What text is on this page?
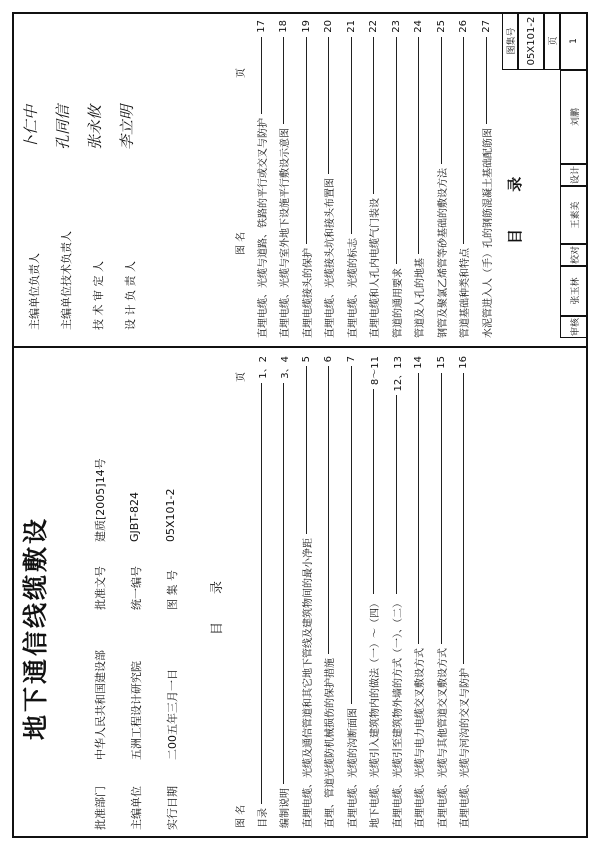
地下通信线缆敷设
批准部门
中华人民共和国建设部
批准文号
建质[2005]14号
主编单位
五洲工程设计研究院
统一编号
GJBT-824
实行日期
二00五年三月一日
图 集 号
05X101-2
目录
图 名
页
目录
1、2
编制说明
3、4
直埋电缆、光缆及通信管道和其它地下管线及建筑物间的最小净距
5
直埋、管道光缆防机械损伤的保护措施
6
直埋电缆、光缆的沟断面图
7
地下电缆、光缆引入建筑物内的做法（一）～（四）
8～11
直埋电缆、光缆引至建筑物外墙的方式（一）、（二）
12、13
直埋电缆、光缆与电力电缆交叉敷设方式
14
直埋电缆、光缆与其他管道交叉敷设方式
15
直埋电缆、光缆与河沟的交叉与防护
16
主编单位负责人
卜仁中
主编单位技术负责人
孔同信
技 术 审 定 人
张永攸
设 计 负 责 人
李立明
图 名
页
直埋电缆、光缆与道路、铁路的平行或交叉与防护
17
直埋电缆、光缆与室外地下设施平行敷设示意图
18
直埋电缆接头的保护
19
直埋电缆、光缆接头坑和接头布置图
20
直埋电缆、光缆的标志
21
直埋电缆和人孔内电缆气门装设
22
管道的通用要求
23
管道及人孔的地基
24
钢管及聚氯乙烯管等砂基础的敷设方法
25
管道基础种类和特点
26
水泥管进入人（手）孔的钢筋混凝土基础配筋图
27
目 录
图集号 05X101-2	页	1
审核
张玉林
校对
王素美
设计
刘鹏
